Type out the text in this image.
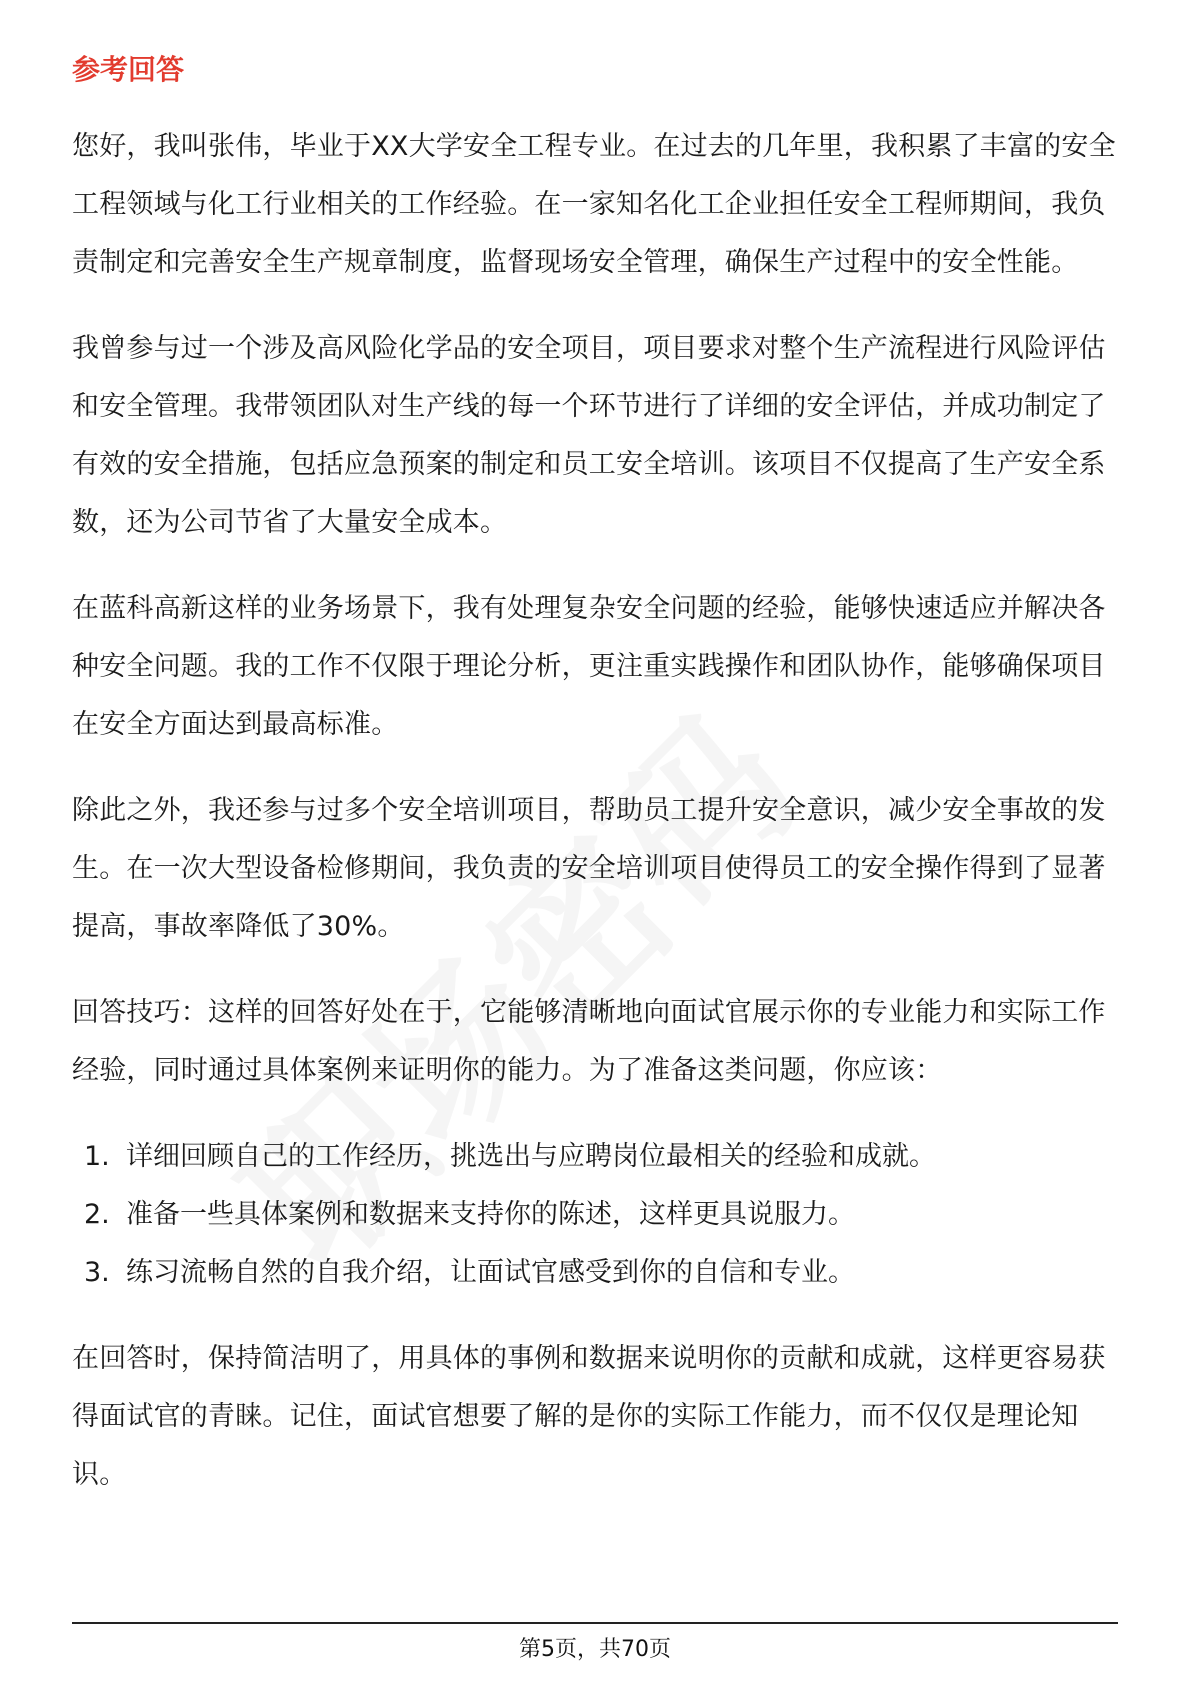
参考回答

您好，我叫张伟，毕业于XX大学安全工程专业。在过去的几年里，我积累了丰富的安全工程领域与化工行业相关的工作经验。在一家知名化工企业担任安全工程师期间，我负责制定和完善安全生产规章制度，监督现场安全管理，确保生产过程中的安全性能。

我曾参与过一个涉及高风险化学品的安全项目，项目要求对整个生产流程进行风险评估和安全管理。我带领团队对生产线的每一个环节进行了详细的安全评估，并成功制定了有效的安全措施，包括应急预案的制定和员工安全培训。该项目不仅提高了生产安全系数，还为公司节省了大量安全成本。

在蓝科高新这样的业务场景下，我有处理复杂安全问题的经验，能够快速适应并解决各种安全问题。我的工作不仅限于理论分析，更注重实践操作和团队协作，能够确保项目在安全方面达到最高标准。

除此之外，我还参与过多个安全培训项目，帮助员工提升安全意识，减少安全事故的发生。在一次大型设备检修期间，我负责的安全培训项目使得员工的安全操作得到了显著提高，事故率降低了30%。

回答技巧：这样的回答好处在于，它能够清晰地向面试官展示你的专业能力和实际工作经验，同时通过具体案例来证明你的能力。为了准备这类问题，你应该：

1. 详细回顾自己的工作经历，挑选出与应聘岗位最相关的经验和成就。
2. 准备一些具体案例和数据来支持你的陈述，这样更具说服力。
3. 练习流畅自然的自我介绍，让面试官感受到你的自信和专业。

在回答时，保持简洁明了，用具体的事例和数据来说明你的贡献和成就，这样更容易获得面试官的青睐。记住，面试官想要了解的是你的实际工作能力，而不仅仅是理论知识。

第5页，共70页
